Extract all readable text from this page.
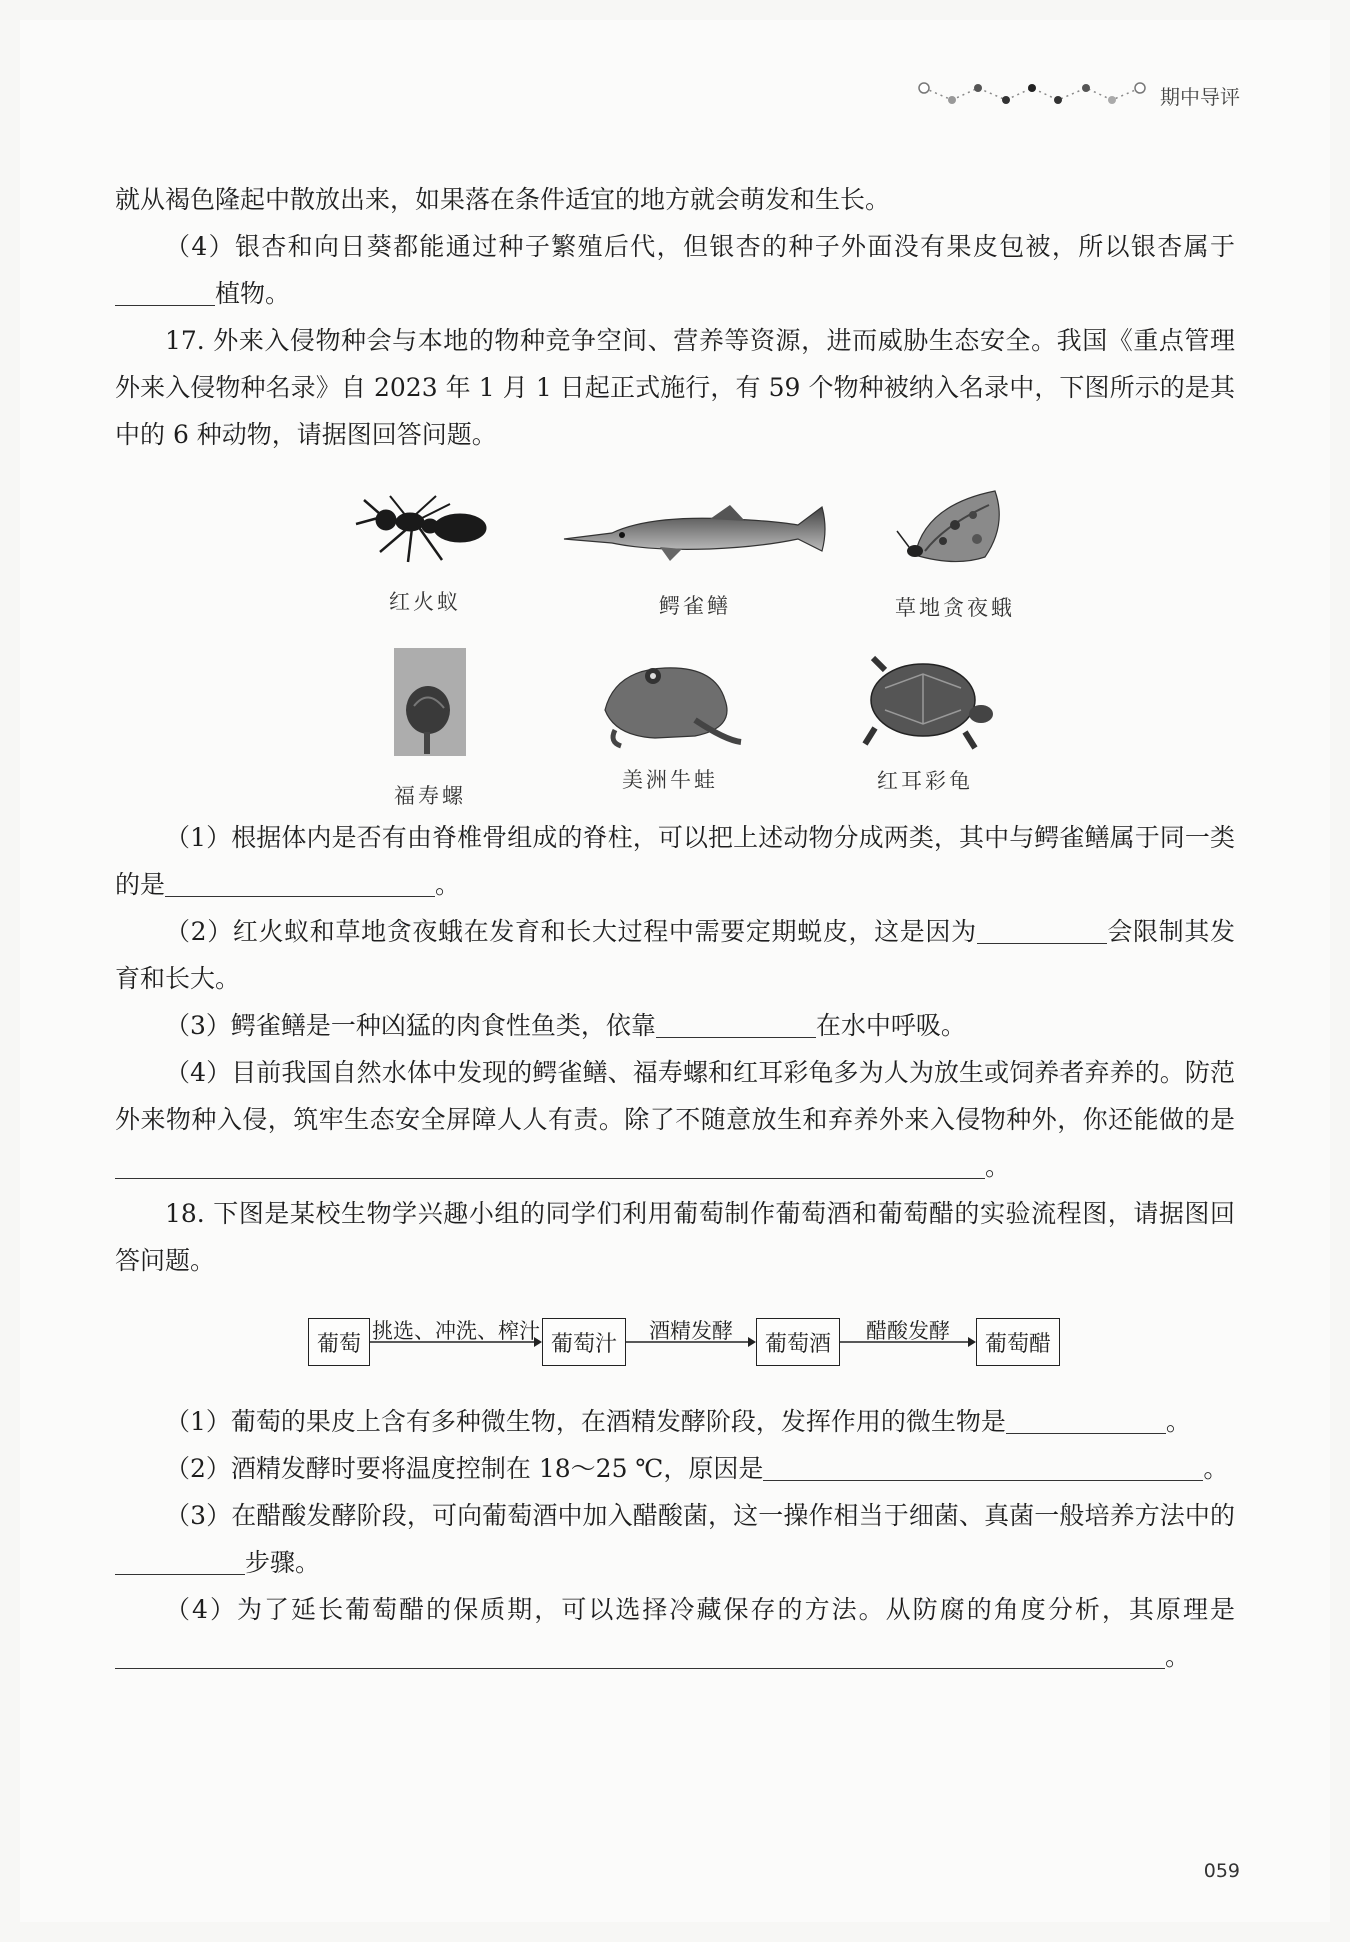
期中导评

就从褐色隆起中散放出来，如果落在条件适宜的地方就会萌发和生长。

（4）银杏和向日葵都能通过种子繁殖后代，但银杏的种子外面没有果皮包被，所以银杏属于植物。

17. 外来入侵物种会与本地的物种竞争空间、营养等资源，进而威胁生态安全。我国《重点管理外来入侵物种名录》自 2023 年 1 月 1 日起正式施行，有 59 个物种被纳入名录中，下图所示的是其中的 6 种动物，请据图回答问题。

红火蚁	鳄雀鳝	草地贪夜蛾
福寿螺
美洲牛蛙	红耳彩龟

（1）根据体内是否有由脊椎骨组成的脊柱，可以把上述动物分成两类，其中与鳄雀鳝属于同一类的是	。

（2）红火蚁和草地贪夜蛾在发育和长大过程中需要定期蜕皮，这是因为	会限制其发育和长大。

（3）鳄雀鳝是一种凶猛的肉食性鱼类，依靠	在水中呼吸。

（4）目前我国自然水体中发现的鳄雀鳝、福寿螺和红耳彩龟多为人为放生或饲养者弃养的。防范外来物种入侵，筑牢生态安全屏障人人有责。除了不随意放生和弃养外来入侵物种外，你还能做的是。

18. 下图是某校生物学兴趣小组的同学们利用葡萄制作葡萄酒和葡萄醋的实验流程图，请据图回答问题。

葡萄
挑选、冲洗、榨汁
葡萄汁
酒精发酵
葡萄酒
醋酸发酵
葡萄醋

（1）葡萄的果皮上含有多种微生物，在酒精发酵阶段，发挥作用的微生物是	。

（2）酒精发酵时要将温度控制在 18～25 ℃，原因是	。

（3）在醋酸发酵阶段，可向葡萄酒中加入醋酸菌，这一操作相当于细菌、真菌一般培养方法中的步骤。

（4）为了延长葡萄醋的保质期，可以选择冷藏保存的方法。从防腐的角度分析，其原理是。

059
